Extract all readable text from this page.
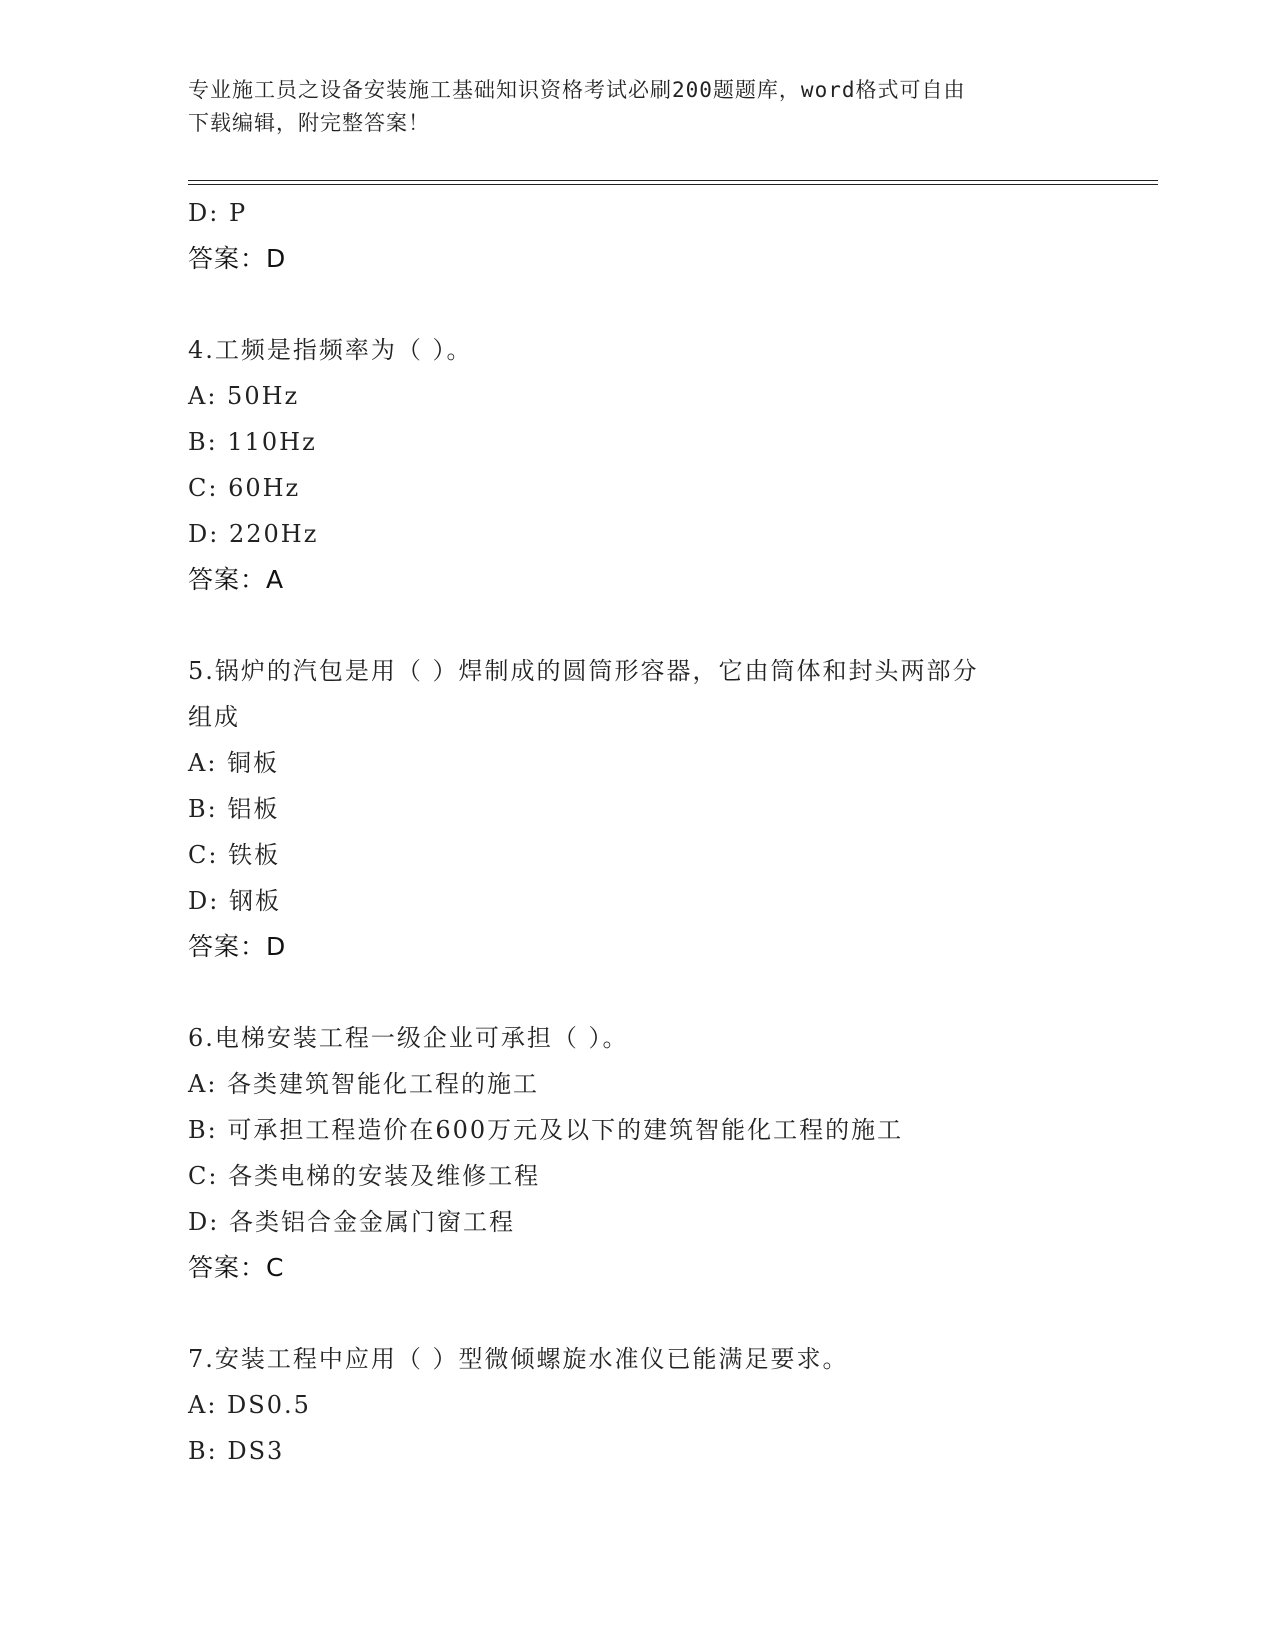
专业施工员之设备安装施工基础知识资格考试必刷200题题库，word格式可自由
下载编辑，附完整答案！
D: P
答案：D
4.工频是指频率为（ ）。
A: 50Hz
B: 110Hz
C: 60Hz
D: 220Hz
答案：A
5.锅炉的汽包是用（ ）焊制成的圆筒形容器，它由筒体和封头两部分
组成
A: 铜板
B: 铝板
C: 铁板
D: 钢板
答案：D
6.电梯安装工程一级企业可承担（ ）。
A: 各类建筑智能化工程的施工
B: 可承担工程造价在600万元及以下的建筑智能化工程的施工
C: 各类电梯的安装及维修工程
D: 各类铝合金金属门窗工程
答案：C
7.安装工程中应用（ ）型微倾螺旋水准仪已能满足要求。
A: DS0.5
B: DS3
